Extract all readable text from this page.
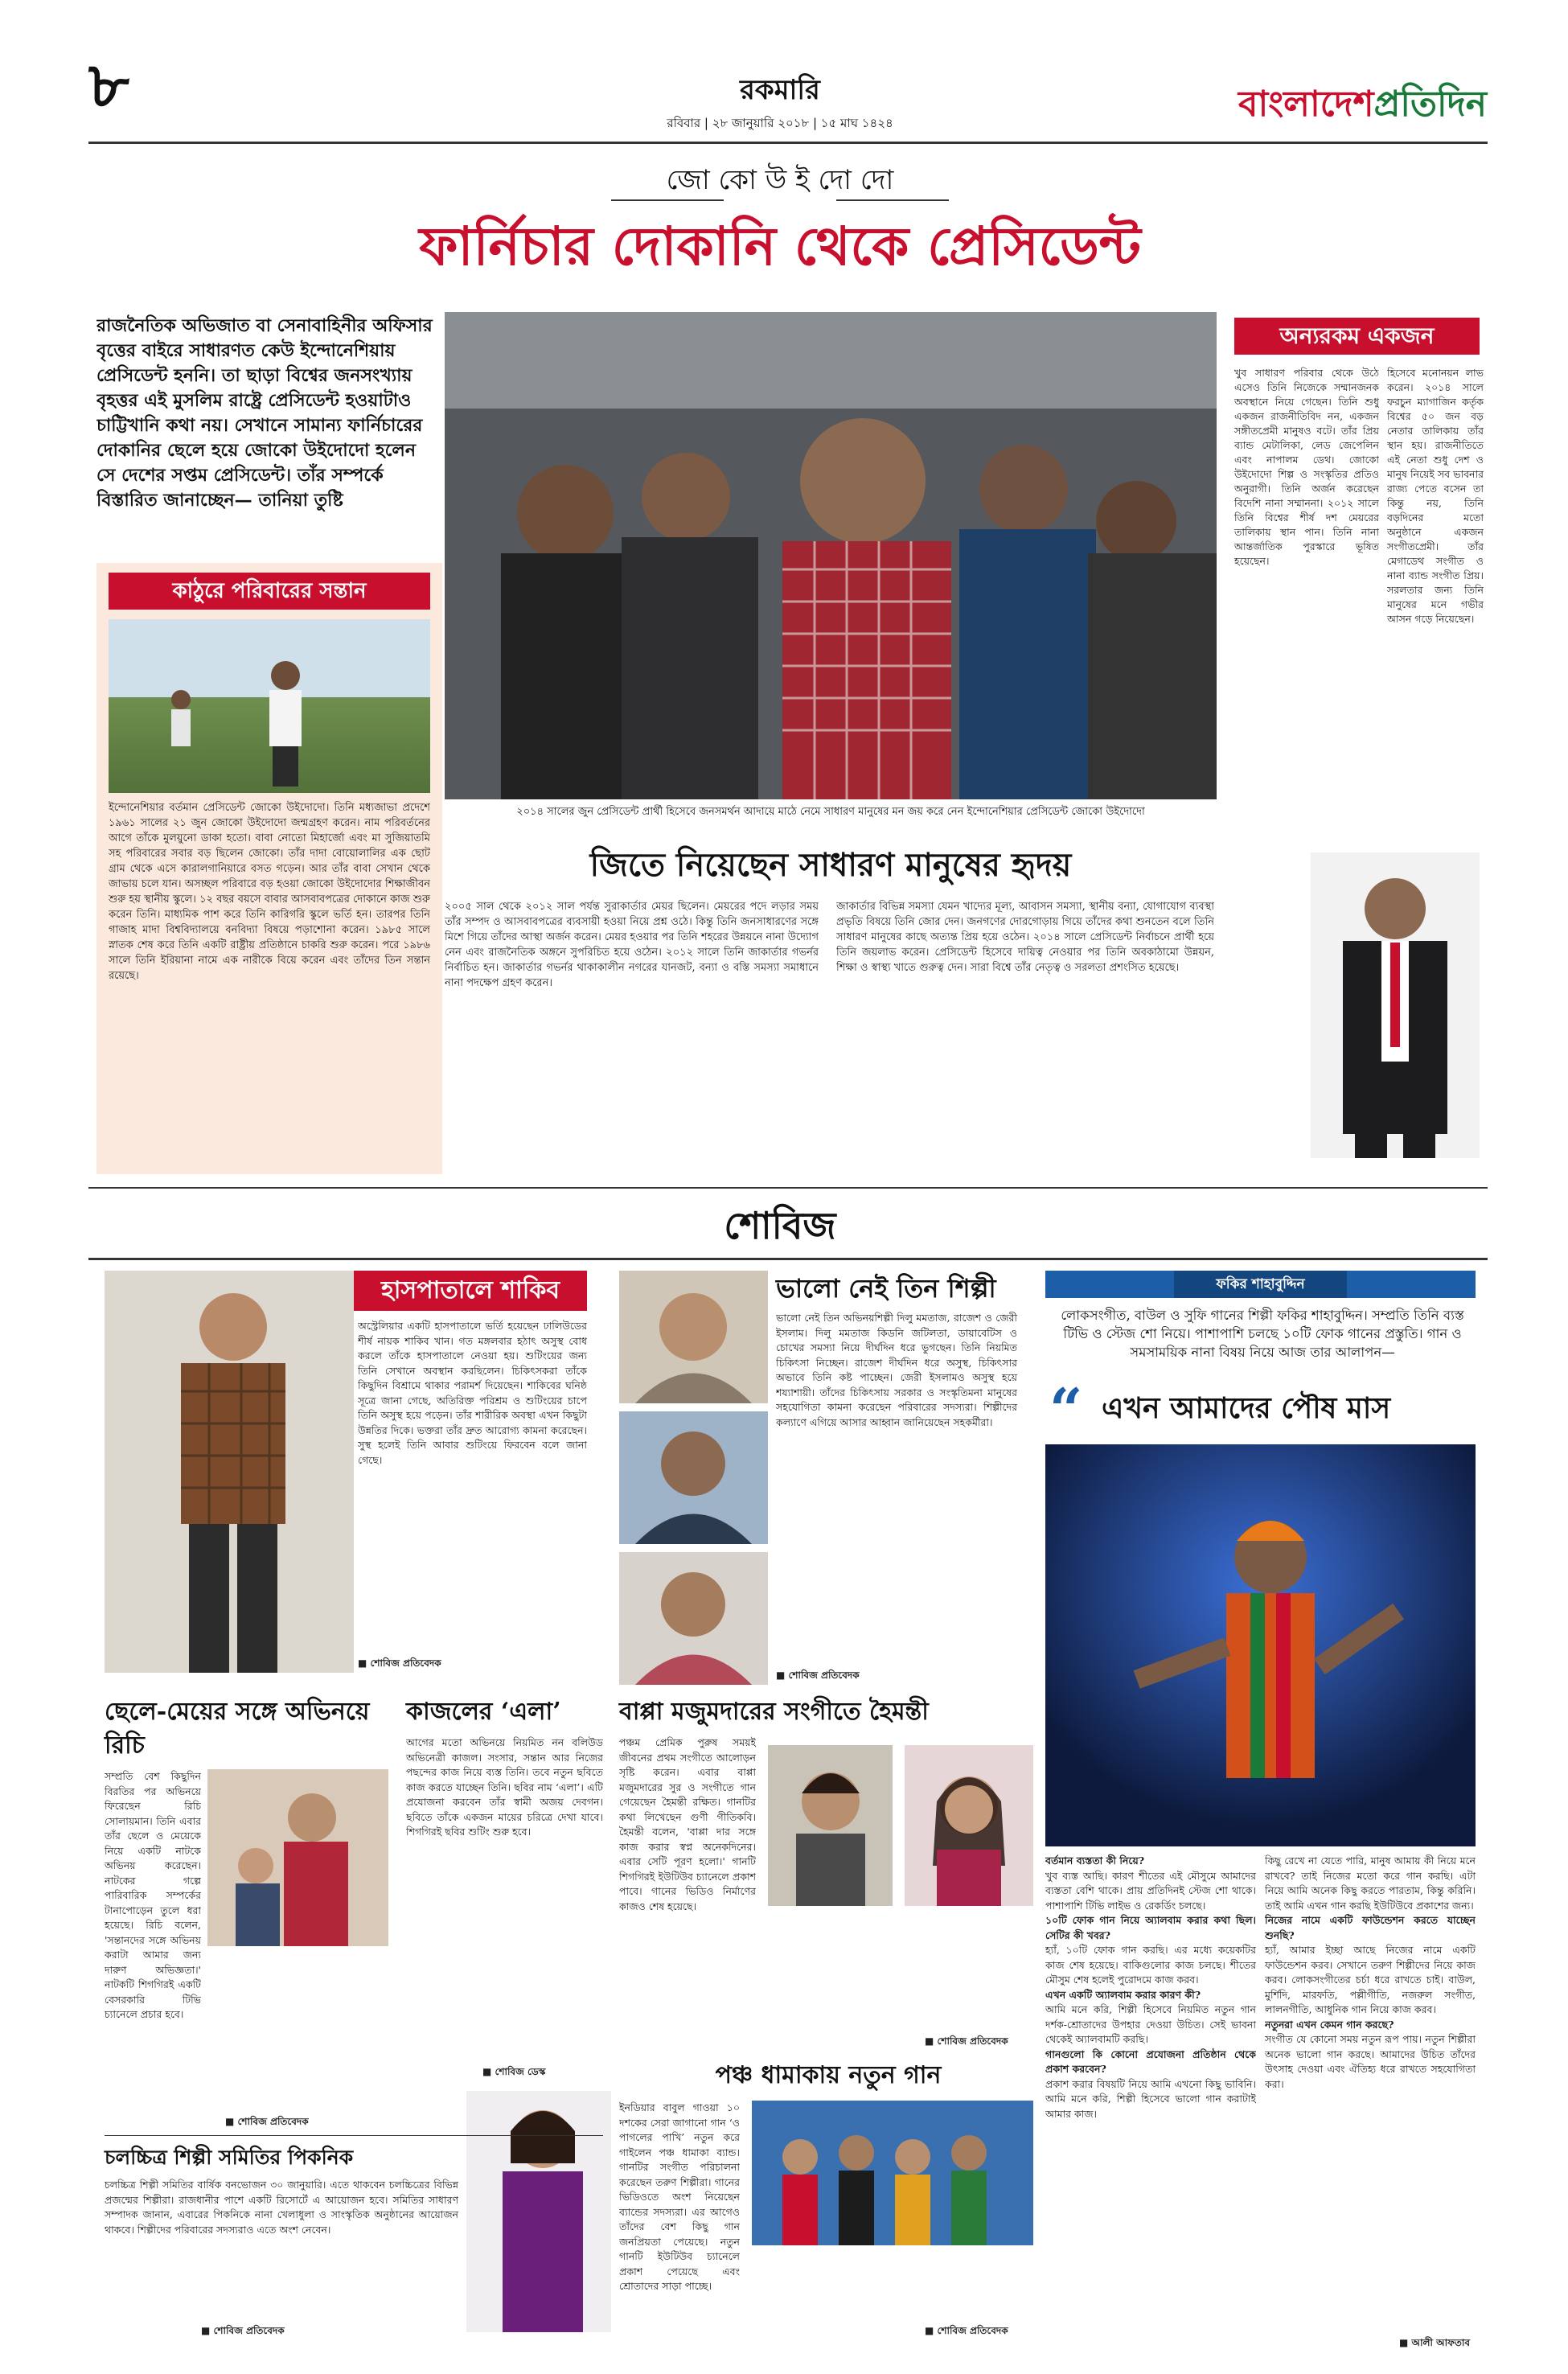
৮	রকমারি
রবিবার | ২৮ জানুয়ারি ২০১৮ | ১৫ মাঘ ১৪২৪	বাংলাদেশপ্রতিদিন
জো কো উ ই দো দো
ফার্নিচার দোকানি থেকে প্রেসিডেন্ট
রাজনৈতিক অভিজাত বা সেনাবাহিনীর অফিসার বৃত্তের বাইরে সাধারণত কেউ ইন্দোনেশিয়ায় প্রেসিডেন্ট হননি। তা ছাড়া বিশ্বের জনসংখ্যায় বৃহত্তর এই মুসলিম রাষ্ট্রে প্রেসিডেন্ট হওয়াটাও চাট্টিখানি কথা নয়। সেখানে সামান্য ফার্নিচারের দোকানির ছেলে হয়ে জোকো উইদোদো হলেন সে দেশের সপ্তম প্রেসিডেন্ট। তাঁর সম্পর্কে বিস্তারিত জানাচ্ছেন— তানিয়া তুষ্টি
২০১৪ সালের জুন প্রেসিডেন্ট প্রার্থী হিসেবে জনসমর্থন আদায়ে মাঠে নেমে সাধারণ মানুষের মন জয় করে নেন ইন্দোনেশিয়ার প্রেসিডেন্ট জোকো উইদোদো
কাঠুরে পরিবারের সন্তান
ইন্দোনেশিয়ার বর্তমান প্রেসিডেন্ট জোকো উইদোদো। তিনি মধ্যজাভা প্রদেশে ১৯৬১ সালের ২১ জুন জোকো উইদোদো জন্মগ্রহণ করেন। নাম পরিবর্তনের আগে তাঁকে মুলয়ুনো ডাকা হতো। বাবা নোতো মিহার্জো এবং মা সুজিয়াতমি সহ পরিবারের সবার বড় ছিলেন জোকো। তাঁর দাদা বোয়োলালির এক ছোট গ্রাম থেকে এসে কারালগানিয়ারে বসত গড়েন। আর তাঁর বাবা সেখান থেকে জাভায় চলে যান। অসচ্ছল পরিবারে বড় হওয়া জোকো উইদোদোর শিক্ষাজীবন শুরু হয় স্থানীয় স্কুলে। ১২ বছর বয়সে বাবার আসবাবপত্রের দোকানে কাজ শুরু করেন তিনি। মাধ্যমিক পাশ করে তিনি কারিগরি স্কুলে ভর্তি হন। তারপর তিনি গাজাহ মাদা বিশ্ববিদ্যালয়ে বনবিদ্যা বিষয়ে পড়াশোনা করেন। ১৯৮৫ সালে স্নাতক শেষ করে তিনি একটি রাষ্ট্রীয় প্রতিষ্ঠানে চাকরি শুরু করেন। পরে ১৯৮৬ সালে তিনি ইরিয়ানা নামে এক নারীকে বিয়ে করেন এবং তাঁদের তিন সন্তান রয়েছে।
জিতে নিয়েছেন সাধারণ মানুষের হৃদয়
২০০৫ সাল থেকে ২০১২ সাল পর্যন্ত সুরাকার্তার মেয়র ছিলেন। মেয়রের পদে লড়ার সময় তাঁর সম্পদ ও আসবাবপত্রের ব্যবসায়ী হওয়া নিয়ে প্রশ্ন ওঠে। কিন্তু তিনি জনসাধারণের সঙ্গে মিশে গিয়ে তাঁদের আস্থা অর্জন করেন। মেয়র হওয়ার পর তিনি শহরের উন্নয়নে নানা উদ্যোগ নেন এবং রাজনৈতিক অঙ্গনে সুপরিচিত হয়ে ওঠেন। ২০১২ সালে তিনি জাকার্তার গভর্নর নির্বাচিত হন। জাকার্তার গভর্নর থাকাকালীন নগরের যানজট, বন্যা ও বস্তি সমস্যা সমাধানে নানা পদক্ষেপ গ্রহণ করেন।
জাকার্তার বিভিন্ন সমস্যা যেমন খাদ্যের মূল্য, আবাসন সমস্যা, স্থানীয় বন্যা, যোগাযোগ ব্যবস্থা প্রভৃতি বিষয়ে তিনি জোর দেন। জনগণের দোরগোড়ায় গিয়ে তাঁদের কথা শুনতেন বলে তিনি সাধারণ মানুষের কাছে অত্যন্ত প্রিয় হয়ে ওঠেন। ২০১৪ সালে প্রেসিডেন্ট নির্বাচনে প্রার্থী হয়ে তিনি জয়লাভ করেন। প্রেসিডেন্ট হিসেবে দায়িত্ব নেওয়ার পর তিনি অবকাঠামো উন্নয়ন, শিক্ষা ও স্বাস্থ্য খাতে গুরুত্ব দেন। সারা বিশ্বে তাঁর নেতৃত্ব ও সরলতা প্রশংসিত হয়েছে।
অন্যরকম একজন
খুব সাধারণ পরিবার থেকে উঠে এসেও তিনি নিজেকে সম্মানজনক অবস্থানে নিয়ে গেছেন। তিনি শুধু একজন রাজনীতিবিদ নন, একজন সঙ্গীতপ্রেমী মানুষও বটে। তাঁর প্রিয় ব্যান্ড মেটালিকা, লেড জেপেলিন এবং নাপালম ডেথ। জোকো উইদোদো শিল্প ও সংস্কৃতির প্রতিও অনুরাগী। তিনি অর্জন করেছেন বিদেশি নানা সম্মাননা। ২০১২ সালে তিনি বিশ্বের শীর্ষ দশ মেয়রের তালিকায় স্থান পান। তিনি নানা আন্তর্জাতিক পুরস্কারে ভূষিত হয়েছেন।
হিসেবে মনোনয়ন লাভ করেন। ২০১৪ সালে ফরচুন ম্যাগাজিন কর্তৃক বিশ্বের ৫০ জন বড় নেতার তালিকায় তাঁর স্থান হয়। রাজনীতিতে এই নেতা শুধু দেশ ও মানুষ নিয়েই সব ভাবনার রাজ্য পেতে বসেন তা কিন্তু নয়, তিনি বড়দিনের মতো অনুষ্ঠানে একজন সংগীতপ্রেমী। তাঁর মেগাডেথ সংগীত ও নানা ব্যান্ড সংগীত প্রিয়। সরলতার জন্য তিনি মানুষের মনে গভীর আসন গড়ে নিয়েছেন।
শোবিজ
হাসপাতালে শাকিব
অস্ট্রেলিয়ার একটি হাসপাতালে ভর্তি হয়েছেন ঢালিউডের শীর্ষ নায়ক শাকিব খান। গত মঙ্গলবার হঠাৎ অসুস্থ বোধ করলে তাঁকে হাসপাতালে নেওয়া হয়। শুটিংয়ের জন্য তিনি সেখানে অবস্থান করছিলেন। চিকিৎসকরা তাঁকে কিছুদিন বিশ্রামে থাকার পরামর্শ দিয়েছেন। শাকিবের ঘনিষ্ঠ সূত্রে জানা গেছে, অতিরিক্ত পরিশ্রম ও শুটিংয়ের চাপে তিনি অসুস্থ হয়ে পড়েন। তাঁর শারীরিক অবস্থা এখন কিছুটা উন্নতির দিকে। ভক্তরা তাঁর দ্রুত আরোগ্য কামনা করেছেন। সুস্থ হলেই তিনি আবার শুটিংয়ে ফিরবেন বলে জানা গেছে।
■ শোবিজ প্রতিবেদক
ভালো নেই তিন শিল্পী
ভালো নেই তিন অভিনয়শিল্পী দিলু মমতাজ, রাজেশ ও জেরী ইসলাম। দিলু মমতাজ কিডনি জটিলতা, ডায়াবেটিস ও চোখের সমস্যা নিয়ে দীর্ঘদিন ধরে ভুগছেন। তিনি নিয়মিত চিকিৎসা নিচ্ছেন। রাজেশ দীর্ঘদিন ধরে অসুস্থ, চিকিৎসার অভাবে তিনি কষ্ট পাচ্ছেন। জেরী ইসলামও অসুস্থ হয়ে শয্যাশায়ী। তাঁদের চিকিৎসায় সরকার ও সংস্কৃতিমনা মানুষের সহযোগিতা কামনা করেছেন পরিবারের সদস্যরা। শিল্পীদের কল্যাণে এগিয়ে আসার আহ্বান জানিয়েছেন সহকর্মীরা।
■ শোবিজ প্রতিবেদক
ফকির শাহাবুদ্দিন
লোকসংগীত, বাউল ও সুফি গানের শিল্পী ফকির শাহাবুদ্দিন। সম্প্রতি তিনি ব্যস্ত টিভি ও স্টেজ শো নিয়ে। পাশাপাশি চলছে ১০টি ফোক গানের প্রস্তুতি। গান ও সমসাময়িক নানা বিষয় নিয়ে আজ তার আলাপন—
“ এখন আমাদের পৌষ মাস
বর্তমান ব্যস্ততা কী নিয়ে?
খুব ব্যস্ত আছি। কারণ শীতের এই মৌসুমে আমাদের ব্যস্ততা বেশি থাকে। প্রায় প্রতিদিনই স্টেজ শো থাকে। পাশাপাশি টিভি লাইভ ও রেকর্ডিং চলছে।
১০টি ফোক গান নিয়ে অ্যালবাম করার কথা ছিল। সেটির কী খবর?
হ্যাঁ, ১০টি ফোক গান করছি। এর মধ্যে কয়েকটির কাজ শেষ হয়েছে। বাকিগুলোর কাজ চলছে। শীতের মৌসুম শেষ হলেই পুরোদমে কাজ করব।
এখন একটি অ্যালবাম করার কারণ কী?
আমি মনে করি, শিল্পী হিসেবে নিয়মিত নতুন গান দর্শক-শ্রোতাদের উপহার দেওয়া উচিত। সেই ভাবনা থেকেই অ্যালবামটি করছি।
গানগুলো কি কোনো প্রযোজনা প্রতিষ্ঠান থেকে প্রকাশ করবেন?
প্রকাশ করার বিষয়টি নিয়ে আমি এখনো কিছু ভাবিনি। আমি মনে করি, শিল্পী হিসেবে ভালো গান করাটাই আমার কাজ।
কিছু রেখে না যেতে পারি, মানুষ আমায় কী নিয়ে মনে রাখবে? তাই নিজের মতো করে গান করছি। এটা নিয়ে আমি অনেক কিছু করতে পারতাম, কিন্তু করিনি। তাই আমি এখন গান করছি ইউটিউবে প্রকাশের জন্য।
নিজের নামে একটি ফাউন্ডেশন করতে যাচ্ছেন শুনছি?
হ্যাঁ, আমার ইচ্ছা আছে নিজের নামে একটি ফাউন্ডেশন করব। সেখানে তরুণ শিল্পীদের নিয়ে কাজ করব। লোকসংগীতের চর্চা ধরে রাখতে চাই। বাউল, মুর্শিদি, মারফতি, পল্লীগীতি, নজরুল সংগীত, লালনগীতি, আধুনিক গান নিয়ে কাজ করব।
নতুনরা এখন কেমন গান করছে?
সংগীত যে কোনো সময় নতুন রূপ পায়। নতুন শিল্পীরা অনেক ভালো গান করছে। আমাদের উচিত তাঁদের উৎসাহ দেওয়া এবং ঐতিহ্য ধরে রাখতে সহযোগিতা করা।
■ আলী আফতাব
ছেলে-মেয়ের সঙ্গে অভিনয়ে রিচি
সম্প্রতি বেশ কিছুদিন বিরতির পর অভিনয়ে ফিরেছেন রিচি সোলায়মান। তিনি এবার তাঁর ছেলে ও মেয়েকে নিয়ে একটি নাটকে অভিনয় করেছেন। নাটকের গল্পে পারিবারিক সম্পর্কের টানাপোড়েন তুলে ধরা হয়েছে। রিচি বলেন, 'সন্তানদের সঙ্গে অভিনয় করাটা আমার জন্য দারুণ অভিজ্ঞতা।' নাটকটি শিগগিরই একটি বেসরকারি টিভি চ্যানেলে প্রচার হবে।
■ শোবিজ প্রতিবেদক
কাজলের ‘এলা’
আগের মতো অভিনয়ে নিয়মিত নন বলিউড অভিনেত্রী কাজল। সংসার, সন্তান আর নিজের পছন্দের কাজ নিয়ে ব্যস্ত তিনি। তবে নতুন ছবিতে কাজ করতে যাচ্ছেন তিনি। ছবির নাম ‘এলা’। এটি প্রযোজনা করবেন তাঁর স্বামী অজয় দেবগন। ছবিতে তাঁকে একজন মায়ের চরিত্রে দেখা যাবে। শিগগিরই ছবির শুটিং শুরু হবে।
■ শোবিজ ডেস্ক
বাপ্পা মজুমদারের সংগীতে হৈমন্তী
পঞ্চম প্রেমিক পুরুষ সময়ই জীবনের প্রথম সংগীতে আলোড়ন সৃষ্টি করেন। এবার বাপ্পা মজুমদারের সুর ও সংগীতে গান গেয়েছেন হৈমন্তী রক্ষিত। গানটির কথা লিখেছেন গুণী গীতিকবি। হৈমন্তী বলেন, 'বাপ্পা দার সঙ্গে কাজ করার স্বপ্ন অনেকদিনের। এবার সেটি পূরণ হলো।' গানটি শিগগিরই ইউটিউব চ্যানেলে প্রকাশ পাবে। গানের ভিডিও নির্মাণের কাজও শেষ হয়েছে।
■ শোবিজ প্রতিবেদক
পঞ্চ ধামাকায় নতুন গান
ইনডিয়ার বাবুল গাওয়া ১০ দশকের সেরা জাগানো গান ‘ও পাগলের পাখি’ নতুন করে গাইলেন পঞ্চ ধামাকা ব্যান্ড। গানটির সংগীত পরিচালনা করেছেন তরুণ শিল্পীরা। গানের ভিডিওতে অংশ নিয়েছেন ব্যান্ডের সদস্যরা। এর আগেও তাঁদের বেশ কিছু গান জনপ্রিয়তা পেয়েছে। নতুন গানটি ইউটিউব চ্যানেলে প্রকাশ পেয়েছে এবং শ্রোতাদের সাড়া পাচ্ছে।
■ শোবিজ প্রতিবেদক
চলচ্চিত্র শিল্পী সমিতির পিকনিক
চলচ্চিত্র শিল্পী সমিতির বার্ষিক বনভোজন ৩০ জানুয়ারি। এতে থাকবেন চলচ্চিত্রের বিভিন্ন প্রজন্মের শিল্পীরা। রাজধানীর পাশে একটি রিসোর্টে এ আয়োজন হবে। সমিতির সাধারণ সম্পাদক জানান, এবারের পিকনিকে নানা খেলাধুলা ও সাংস্কৃতিক অনুষ্ঠানের আয়োজন থাকবে। শিল্পীদের পরিবারের সদস্যরাও এতে অংশ নেবেন।
■ শোবিজ প্রতিবেদক
